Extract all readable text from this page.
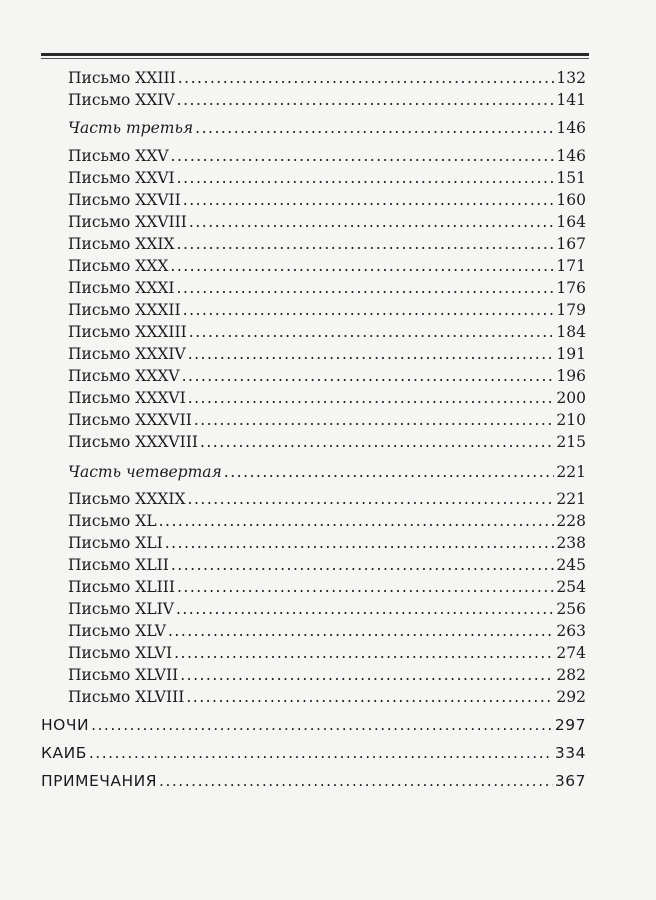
Письмо XXIII .....	132
Письмо XXIV .....	141
Часть третья .....	146
Письмо XXV .....	146
Письмо XXVI .....	151
Письмо XXVII .....	160
Письмо XXVIII .....	164
Письмо XXIX .....	167
Письмо XXX .....	171
Письмо XXXI .....	176
Письмо XXXII .....	179
Письмо XXXIII .....	184
Письмо XXXIV .....	191
Письмо XXXV .....	196
Письмо XXXVI .....	200
Письмо XXXVII .....	210
Письмо XXXVIII .....	215
Часть четвертая .....	221
Письмо XXXIX .....	221
Письмо XL .....	228
Письмо XLI .....	238
Письмо XLII .....	245
Письмо XLIII .....	254
Письмо XLIV .....	256
Письмо XLV .....	263
Письмо XLVI .....	274
Письмо XLVII .....	282
Письмо XLVIII .....	292
НОЧИ .....	297
КАИБ .....	334
ПРИМЕЧАНИЯ .....	367
